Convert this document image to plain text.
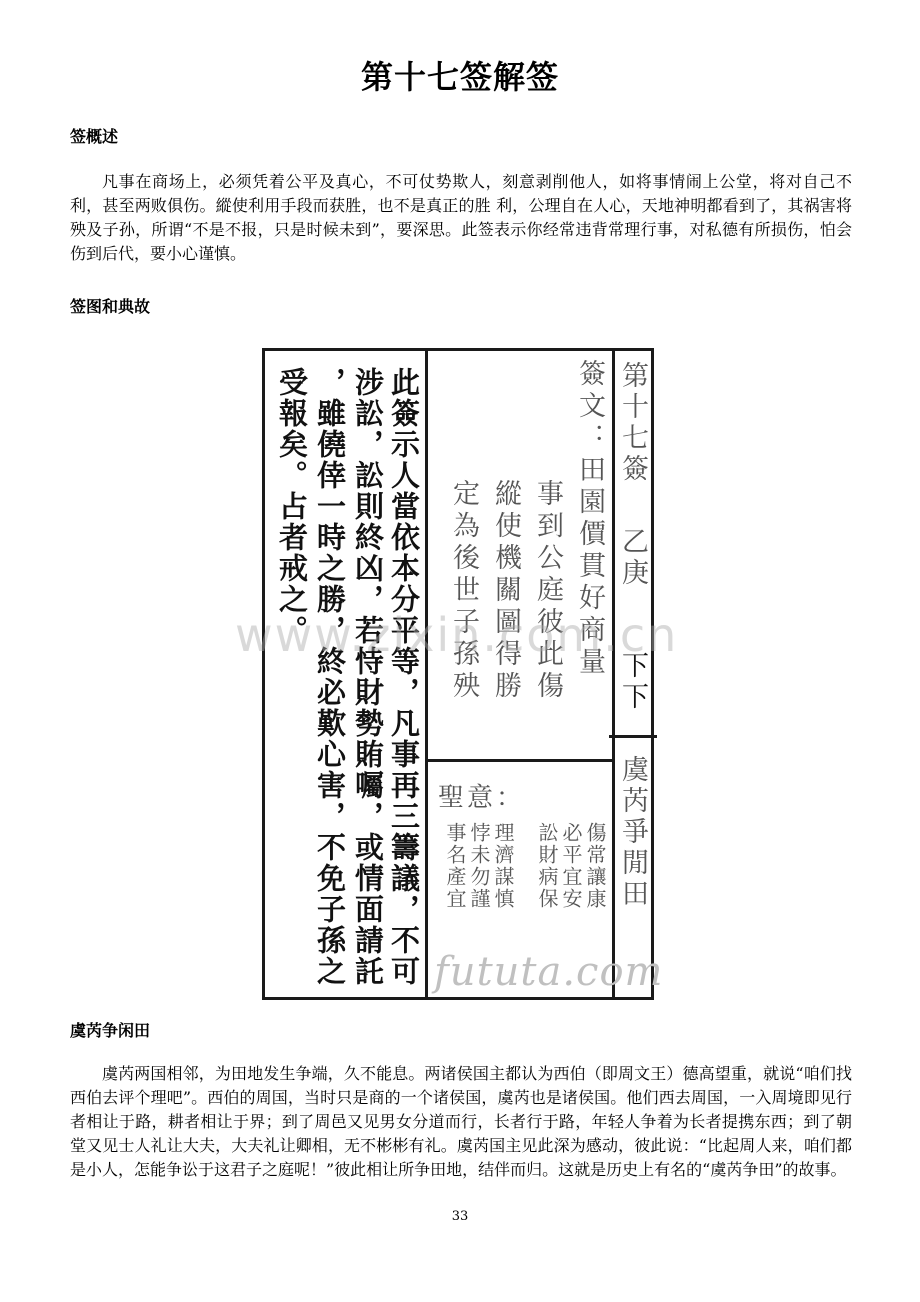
第十七签解签
签概述
凡事在商场上，必须凭着公平及真心，不可仗势欺人，刻意剥削他人，如将事情闹上公堂，将对自己不利，甚至两败俱伤。縱使利用手段而获胜，也不是真正的胜 利，公理自在人心，天地神明都看到了，其祸害将殃及子孙，所谓“不是不报，只是时候未到”，要深思。此签表示你经常违背常理行事，对私德有所损伤，怕会伤到后代，要小心谨慎。
签图和典故
此簽示人當依本分平等，凡事再三籌議，不可
涉訟，訟則終凶，若恃財勢賄囑，或情面請託
，雖僥倖一時之勝，終必歎心害，不免子孫之
受報矣。占者戒之。	簽文：田園價貫好商量
事到公庭彼此傷
縱使機關圖得勝
定為後世子孫殃
聖意：
傷常讓康
必平宜安
訟財病保
理濟謀慎
悖未勿謹
事名產宜
fututa.com
第十七簽
乙庚
下下
虞芮爭閒田
www.zixin.com.cn
虞芮争闲田
虞芮两国相邻，为田地发生争端，久不能息。两诸侯国主都认为西伯（即周文王）德高望重，就说“咱们找西伯去评个理吧”。西伯的周国，当时只是商的一个诸侯国，虞芮也是诸侯国。他们西去周国，一入周境即见行者相让于路，耕者相让于界；到了周邑又见男女分道而行，长者行于路，年轻人争着为长者提携东西；到了朝堂又见士人礼让大夫，大夫礼让卿相，无不彬彬有礼。虞芮国主见此深为感动，彼此说：“比起周人来，咱们都是小人，怎能争讼于这君子之庭呢！”彼此相让所争田地，结伴而归。这就是历史上有名的“虞芮争田”的故事。
33
